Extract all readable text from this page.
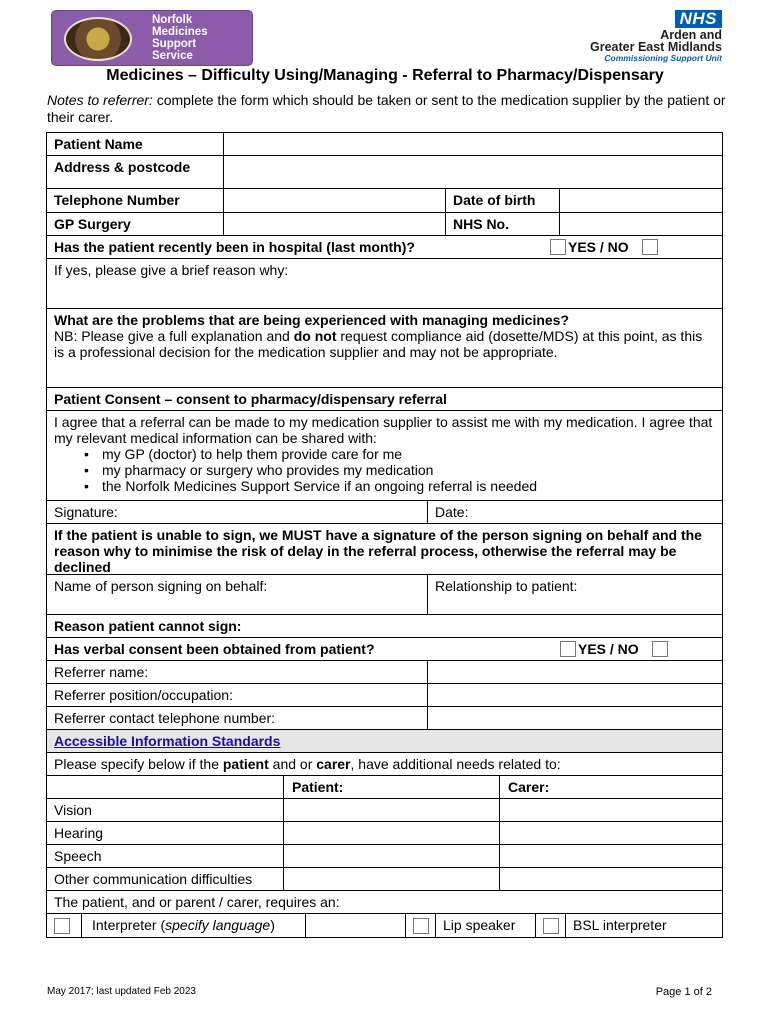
Norfolk
Medicines
Support
Service
NHS
Arden and
Greater East Midlands
Commissioning Support Unit
Medicines – Difficulty Using/Managing - Referral to Pharmacy/Dispensary
Notes to referrer: complete the form which should be taken or sent to the medication supplier by the patient or their carer.
Patient Name
Address & postcode
Telephone Number	Date of birth
GP Surgery	NHS No.
Has the patient recently been in hospital (last month)?	YES / NO
If yes, please give a brief reason why:
What are the problems that are being experienced with managing medicines?
NB: Please give a full explanation and do not request compliance aid (dosette/MDS) at this point, as this is a professional decision for the medication supplier and may not be appropriate.
Patient Consent – consent to pharmacy/dispensary referral
I agree that a referral can be made to my medication supplier to assist me with my medication. I agree that my relevant medical information can be shared with:
• my GP (doctor) to help them provide care for me
• my pharmacy or surgery who provides my medication
• the Norfolk Medicines Support Service if an ongoing referral is needed
Signature:	Date:
If the patient is unable to sign, we MUST have a signature of the person signing on behalf and the reason why to minimise the risk of delay in the referral process, otherwise the referral may be declined
Name of person signing on behalf:	Relationship to patient:
Reason patient cannot sign:
Has verbal consent been obtained from patient?	YES / NO
Referrer name:
Referrer position/occupation:
Referrer contact telephone number:
Accessible Information Standards
Please specify below if the patient and or carer, have additional needs related to:
Patient:	Carer:
Vision
Hearing
Speech
Other communication difficulties
The patient, and or parent / carer, requires an:
Interpreter (specify language)	Lip speaker	BSL interpreter
May 2017; last updated Feb 2023	Page 1 of 2
